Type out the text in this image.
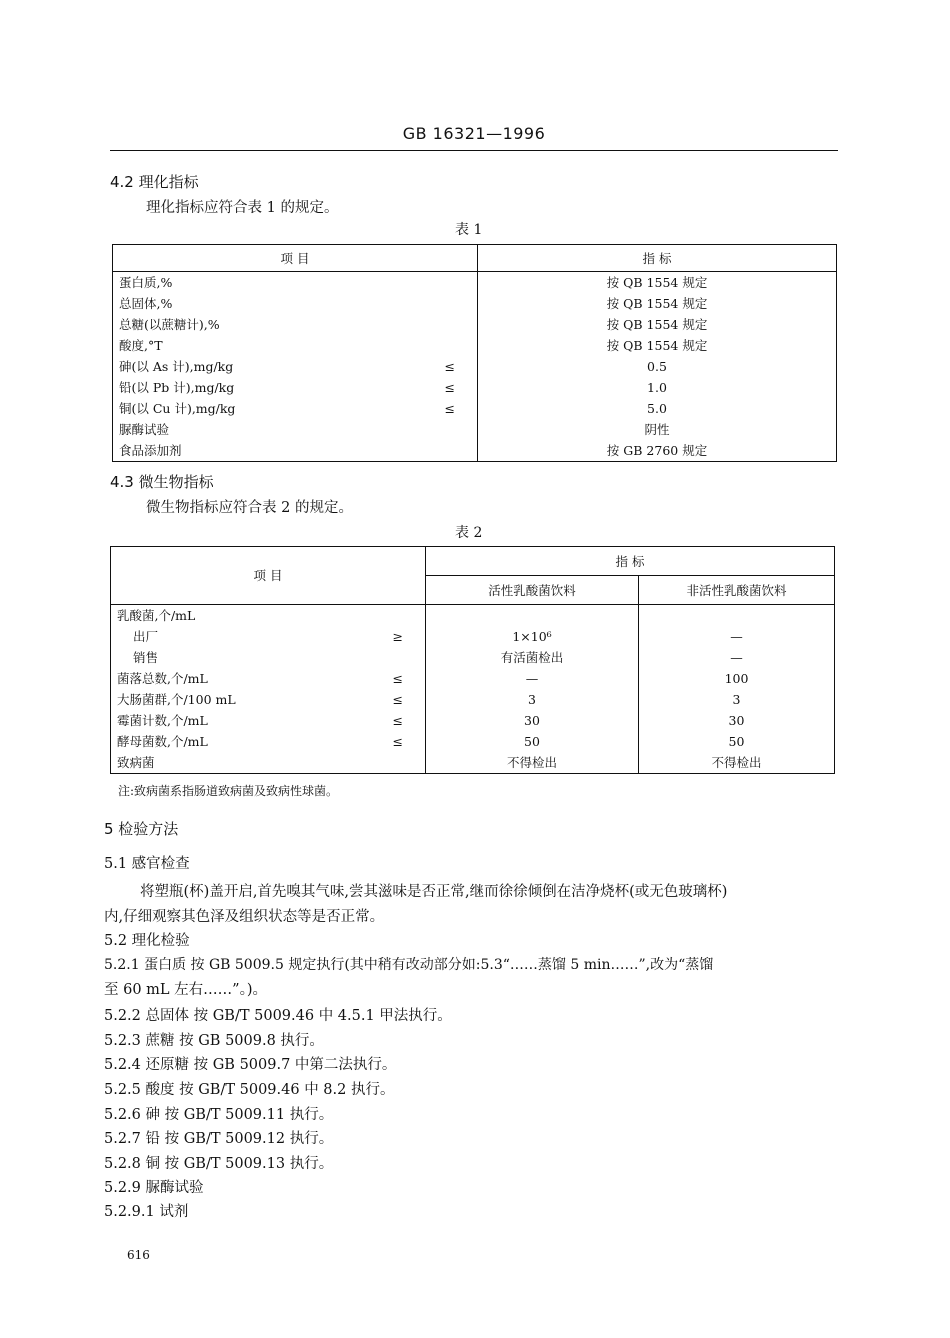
GB 16321—1996
4.2 理化指标
理化指标应符合表 1 的规定。
表 1
项 目	指 标
蛋白质,%	按 QB 1554 规定
总固体,%	按 QB 1554 规定
总糖(以蔗糖计),%	按 QB 1554 规定
酸度,°T	按 QB 1554 规定
砷(以 As 计),mg/kg ≤	0.5
铅(以 Pb 计),mg/kg ≤	1.0
铜(以 Cu 计),mg/kg ≤	5.0
脲酶试验	阴性
食品添加剂	按 GB 2760 规定
4.3 微生物指标
微生物指标应符合表 2 的规定。
表 2
项 目	指 标	
	活性乳酸菌饮料	非活性乳酸菌饮料
乳酸菌,个/mL

出厂 ≥	1×10⁶	—
销售	有活菌检出	—
菌落总数,个/mL ≤	—	100
大肠菌群,个/100 mL ≤	3	3
霉菌计数,个/mL ≤	30	30
酵母菌数,个/mL ≤	50	50
致病菌	不得检出	不得检出
注:致病菌系指肠道致病菌及致病性球菌。
5 检验方法
5.1 感官检查
将塑瓶(杯)盖开启,首先嗅其气味,尝其滋味是否正常,继而徐徐倾倒在洁净烧杯(或无色玻璃杯)
内,仔细观察其色泽及组织状态等是否正常。
5.2 理化检验
5.2.1 蛋白质 按 GB 5009.5 规定执行(其中稍有改动部分如:5.3“……蒸馏 5 min……”,改为“蒸馏
至 60 mL 左右……”。)。
5.2.2 总固体 按 GB/T 5009.46 中 4.5.1 甲法执行。
5.2.3 蔗糖 按 GB 5009.8 执行。
5.2.4 还原糖 按 GB 5009.7 中第二法执行。
5.2.5 酸度 按 GB/T 5009.46 中 8.2 执行。
5.2.6 砷 按 GB/T 5009.11 执行。
5.2.7 铅 按 GB/T 5009.12 执行。
5.2.8 铜 按 GB/T 5009.13 执行。
5.2.9 脲酶试验
5.2.9.1 试剂
616
